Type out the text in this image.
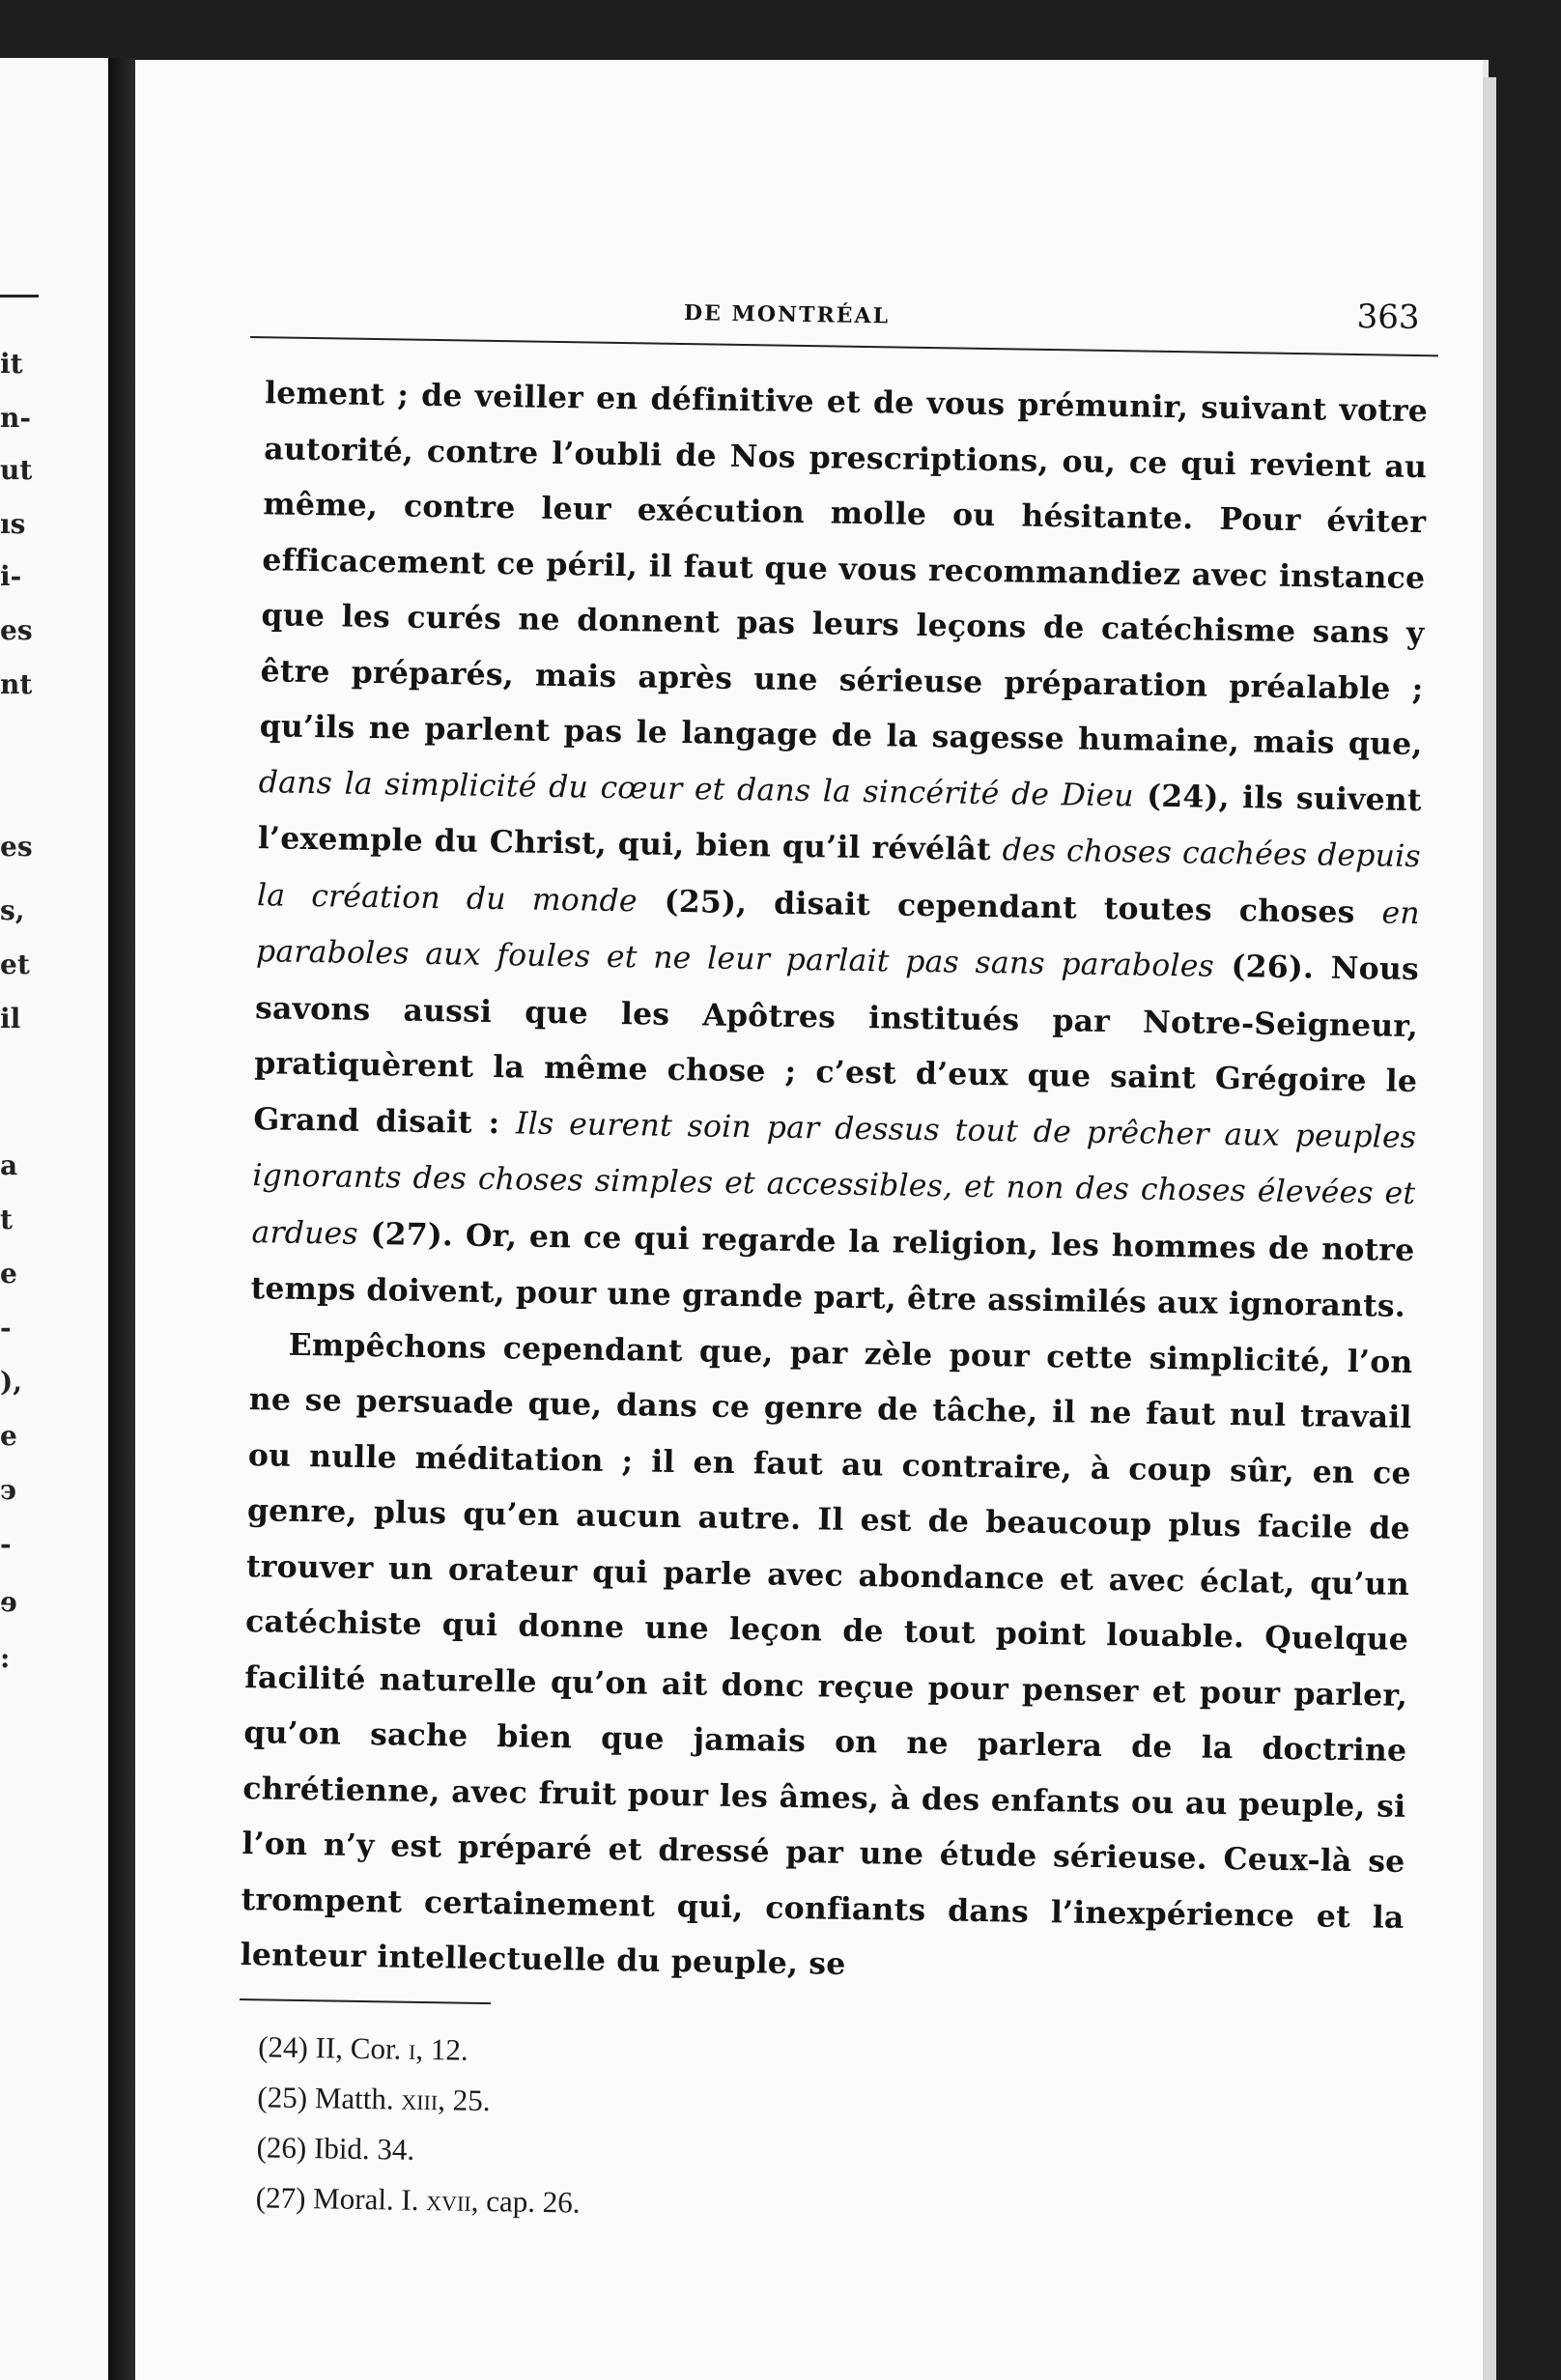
it
n-
ut
ıs
i-
es
nt
es
s,
et
il
a
t
e
-
),
e
э
-
ɘ
:
DE MONTRÉAL	363

lement ; de veiller en définitive et de vous prémunir, suivant votre autorité, contre l’oubli de Nos prescriptions, ou, ce qui revient au même, contre leur exécution molle ou hésitante. Pour éviter efficacement ce péril, il faut que vous recommandiez avec instance que les curés ne donnent pas leurs leçons de catéchisme sans y être préparés, mais après une sérieuse préparation préalable ; qu’ils ne parlent pas le langage de la sagesse humaine, mais que, dans la simplicité du cœur et dans la sincérité de Dieu (24), ils suivent l’exemple du Christ, qui, bien qu’il révélât des choses cachées depuis la création du monde (25), disait cependant toutes choses en paraboles aux foules et ne leur parlait pas sans paraboles (26). Nous savons aussi que les Apôtres institués par Notre-Seigneur, pratiquèrent la même chose ; c’est d’eux que saint Grégoire le Grand disait : Ils eurent soin par dessus tout de prêcher aux peuples ignorants des choses simples et accessibles, et non des choses élevées et ardues (27). Or, en ce qui regarde la religion, les hommes de notre temps doivent, pour une grande part, être assimilés aux ignorants.

Empêchons cependant que, par zèle pour cette simplicité, l’on ne se persuade que, dans ce genre de tâche, il ne faut nul travail ou nulle méditation ; il en faut au contraire, à coup sûr, en ce genre, plus qu’en aucun autre. Il est de beaucoup plus facile de trouver un orateur qui parle avec abondance et avec éclat, qu’un catéchiste qui donne une leçon de tout point louable. Quelque facilité naturelle qu’on ait donc reçue pour penser et pour parler, qu’on sache bien que jamais on ne parlera de la doctrine chrétienne, avec fruit pour les âmes, à des enfants ou au peuple, si l’on n’y est préparé et dressé par une étude sérieuse. Ceux-là se trompent certainement qui, confiants dans l’inexpérience et la lenteur intellectuelle du peuple, se

(24) II, Cor. i, 12.
(25) Matth. xiii, 25.
(26) Ibid. 34.
(27) Moral. I. xvii, cap. 26.
